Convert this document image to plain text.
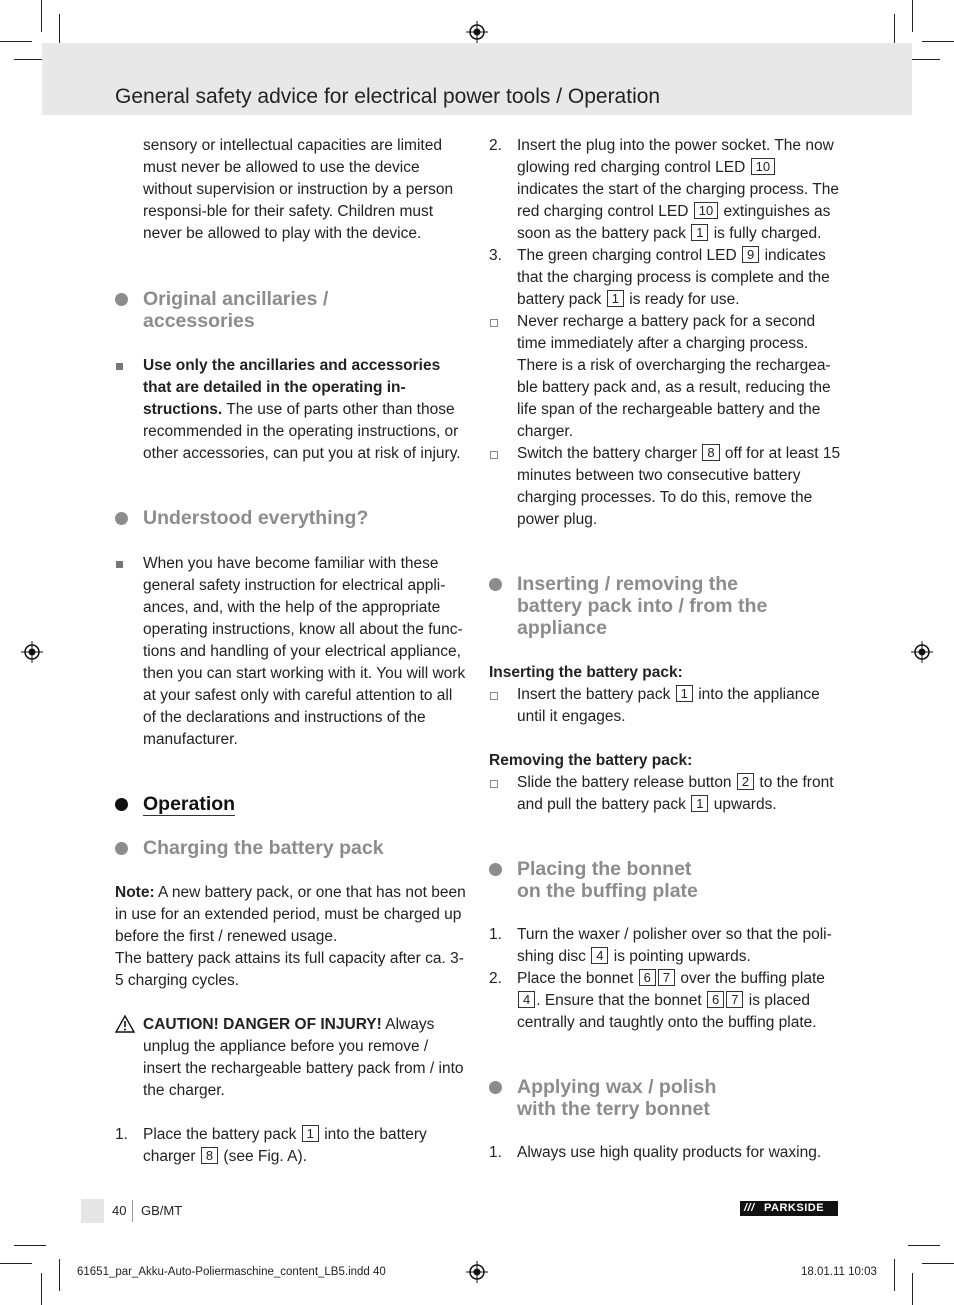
General safety advice for electrical power tools / Operation

sensory or intellectual capacities are limited must never be allowed to use the device without supervision or instruction by a person responsi-ble for their safety. Children must never be allowed to play with the device.

Original ancillaries /
accessories
Use only the ancillaries and accessories that are detailed in the operating in-structions. The use of parts other than those recommended in the operating instructions, or other accessories, can put you at risk of injury.
Understood everything?
When you have become familiar with these general safety instruction for electrical appli-ances, and, with the help of the appropriate operating instructions, know all about the func-tions and handling of your electrical appliance, then you can start working with it. You will work at your safest only with careful attention to all of the declarations and instructions of the manufacturer.
Operation
Charging the battery pack

Note: A new battery pack, or one that has not been in use for an extended period, must be charged up before the first / renewed usage.

The battery pack attains its full capacity after ca. 3-5 charging cycles.

CAUTION! DANGER OF INJURY! Always unplug the appliance before you remove / insert the rechargeable battery pack from / into the charger.
1. Place the battery pack 1 into the battery charger 8 (see Fig. A).
2. Insert the plug into the power socket. The now glowing red charging control LED 10 indicates the start of the charging process. The red charging control LED 10 extinguishes as soon as the battery pack 1 is fully charged.
3. The green charging control LED 9 indicates that the charging process is complete and the battery pack 1 is ready for use.
Never recharge a battery pack for a second time immediately after a charging process. There is a risk of overcharging the rechargea-ble battery pack and, as a result, reducing the life span of the rechargeable battery and the charger.
Switch the battery charger 8 off for at least 15 minutes between two consecutive battery charging processes. To do this, remove the power plug.
Inserting / removing the
battery pack into / from the
appliance

Inserting the battery pack:

Insert the battery pack 1 into the appliance until it engages.

Removing the battery pack:

Slide the battery release button 2 to the front and pull the battery pack 1 upwards.
Placing the bonnet
on the buffing plate
1. Turn the waxer / polisher over so that the poli-shing disc 4 is pointing upwards.
2. Place the bonnet 6 7 over the buffing plate 4 . Ensure that the bonnet 6 7 is placed centrally and taughtly onto the buffing plate.
Applying wax / polish
with the terry bonnet
1. Always use high quality products for waxing.
40 GB/MT	/// PARKSIDE
61651_par_Akku-Auto-Poliermaschine_content_LB5.indd 40	18.01.11 10:03
